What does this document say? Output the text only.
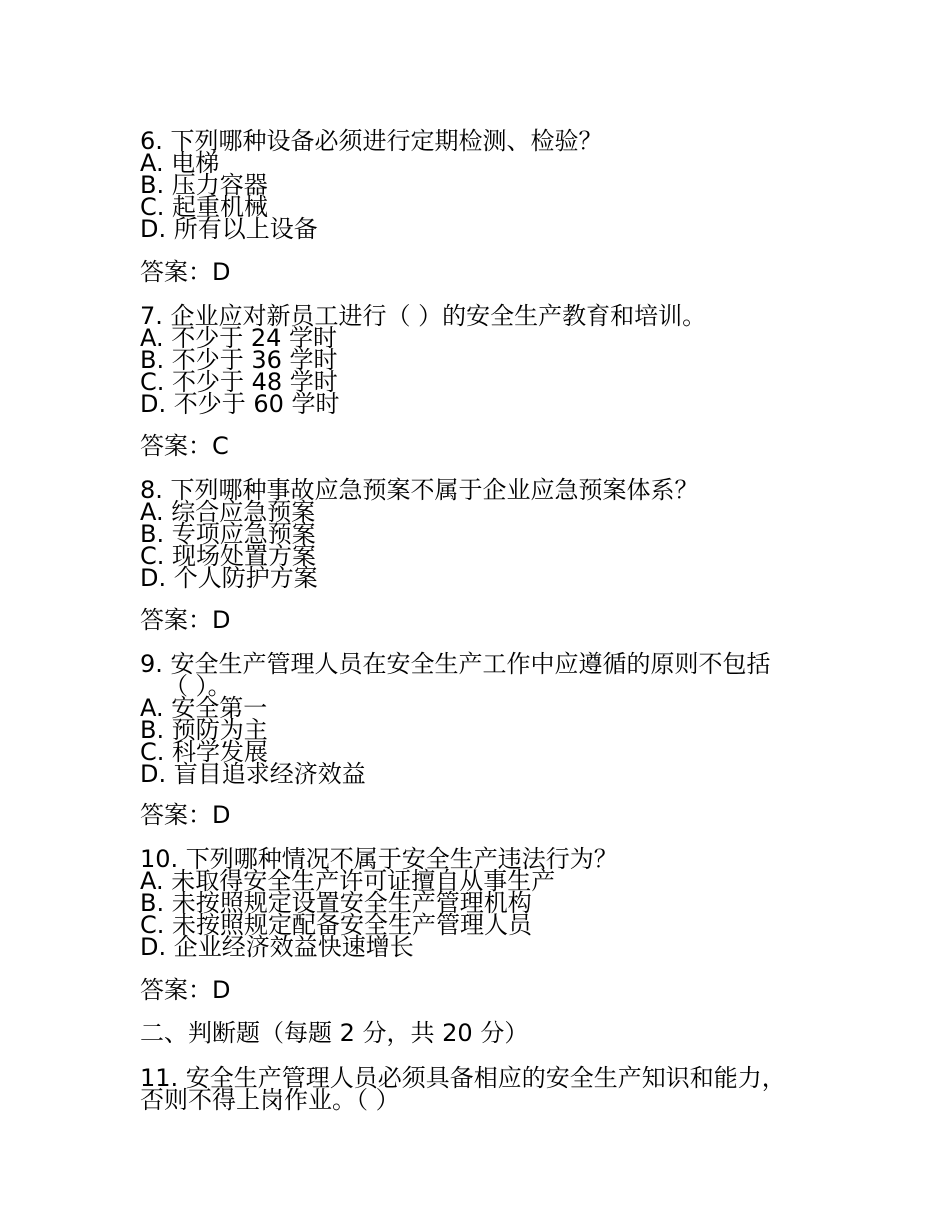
6. 下列哪种设备必须进行定期检测、检验？
A. 电梯
B. 压力容器
C. 起重机械
D. 所有以上设备
答案：D
7. 企业应对新员工进行（ ）的安全生产教育和培训。
A. 不少于 24 学时
B. 不少于 36 学时
C. 不少于 48 学时
D. 不少于 60 学时
答案：C
8. 下列哪种事故应急预案不属于企业应急预案体系？
A. 综合应急预案
B. 专项应急预案
C. 现场处置方案
D. 个人防护方案
答案：D
9. 安全生产管理人员在安全生产工作中应遵循的原则不包括
（ ）。
A. 安全第一
B. 预防为主
C. 科学发展
D. 盲目追求经济效益
答案：D
10. 下列哪种情况不属于安全生产违法行为？
A. 未取得安全生产许可证擅自从事生产
B. 未按照规定设置安全生产管理机构
C. 未按照规定配备安全生产管理人员
D. 企业经济效益快速增长
答案：D
二、判断题（每题 2 分，共 20 分）
11. 安全生产管理人员必须具备相应的安全生产知识和能力，
否则不得上岗作业。（ ）
